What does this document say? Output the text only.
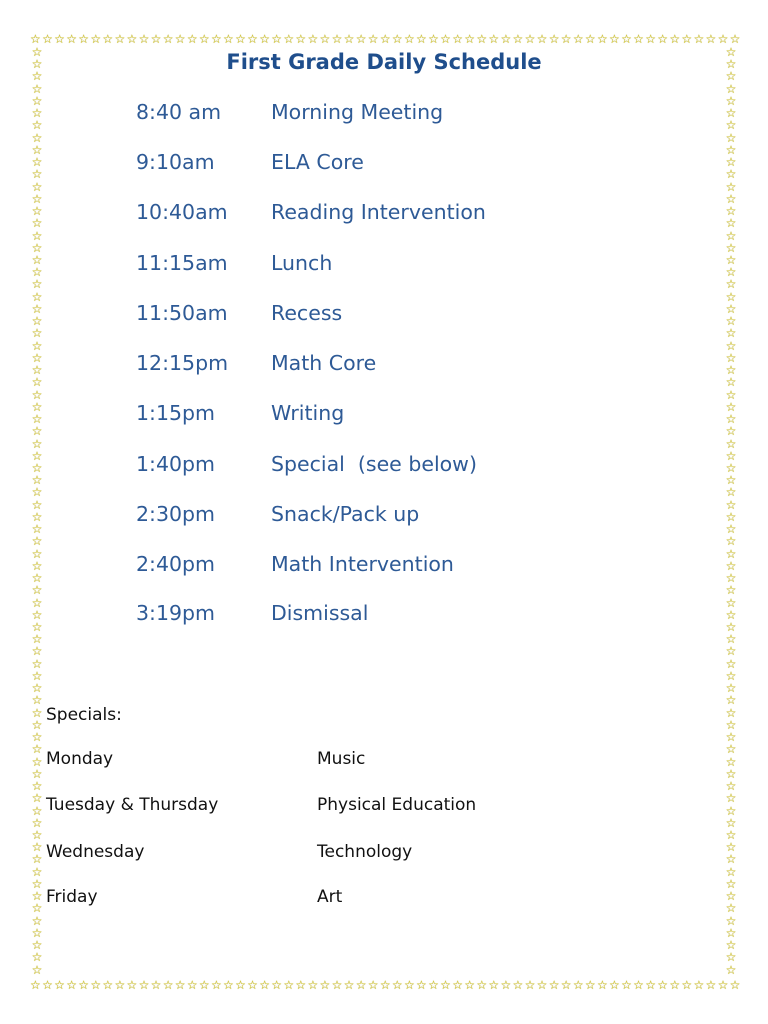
☆ ☆ ☆ ☆ ☆ ☆ ☆ ☆ ☆ ☆ ☆ ☆ ☆ ☆ ☆ ☆ ☆ ☆ ☆ ☆ ☆ ☆ ☆ ☆ ☆ ☆ ☆ ☆ ☆ ☆ ☆ ☆ ☆ ☆ ☆ ☆ ☆ ☆ ☆ ☆ ☆ ☆ ☆ ☆ ☆ ☆ ☆ ☆ ☆ ☆ ☆ ☆ ☆ ☆ ☆ ☆ ☆ ☆ ☆
☆ ☆ ☆ ☆ ☆ ☆ ☆ ☆ ☆ ☆ ☆ ☆ ☆ ☆ ☆ ☆ ☆ ☆ ☆ ☆ ☆ ☆ ☆ ☆ ☆ ☆ ☆ ☆ ☆ ☆ ☆ ☆ ☆ ☆ ☆ ☆ ☆ ☆ ☆ ☆ ☆ ☆ ☆ ☆ ☆ ☆ ☆ ☆ ☆ ☆ ☆ ☆ ☆ ☆ ☆ ☆ ☆ ☆ ☆
☆
☆
☆
☆
☆
☆
☆
☆
☆
☆
☆
☆
☆
☆
☆
☆
☆
☆
☆
☆
☆
☆
☆
☆
☆
☆
☆
☆
☆
☆
☆
☆
☆
☆
☆
☆
☆
☆
☆
☆
☆
☆
☆
☆
☆
☆
☆
☆
☆
☆
☆
☆
☆
☆
☆
☆
☆
☆
☆
☆
☆
☆
☆
☆
☆
☆
☆
☆
☆
☆
☆
☆
☆
☆
☆
☆
☆
☆
☆
☆
☆
☆
☆
☆
☆
☆
☆
☆
☆
☆
☆
☆
☆
☆
☆
☆
☆
☆
☆
☆
☆
☆
☆
☆
☆
☆
☆
☆
☆
☆
☆
☆
☆
☆
☆
☆
☆
☆
☆
☆
☆
☆
☆
☆
☆
☆
☆
☆
☆
☆
☆
☆
☆
☆
☆
☆
☆
☆
☆
☆
☆
☆
☆
☆
☆
☆
☆
☆
☆
☆
☆
☆
First Grade Daily Schedule
8:40 am Morning Meeting
9:10am	ELA Core
10:40am Reading Intervention
11:15am Lunch
11:50am Recess
12:15pm Math Core
1:15pm	Writing
1:40pm	Special  (see below)
2:30pm	Snack/Pack up
2:40pm	Math Intervention
3:19pm	Dismissal
Specials:
Monday	Music
Tuesday & Thursday	Physical Education
Wednesday	Technology
Friday	Art
